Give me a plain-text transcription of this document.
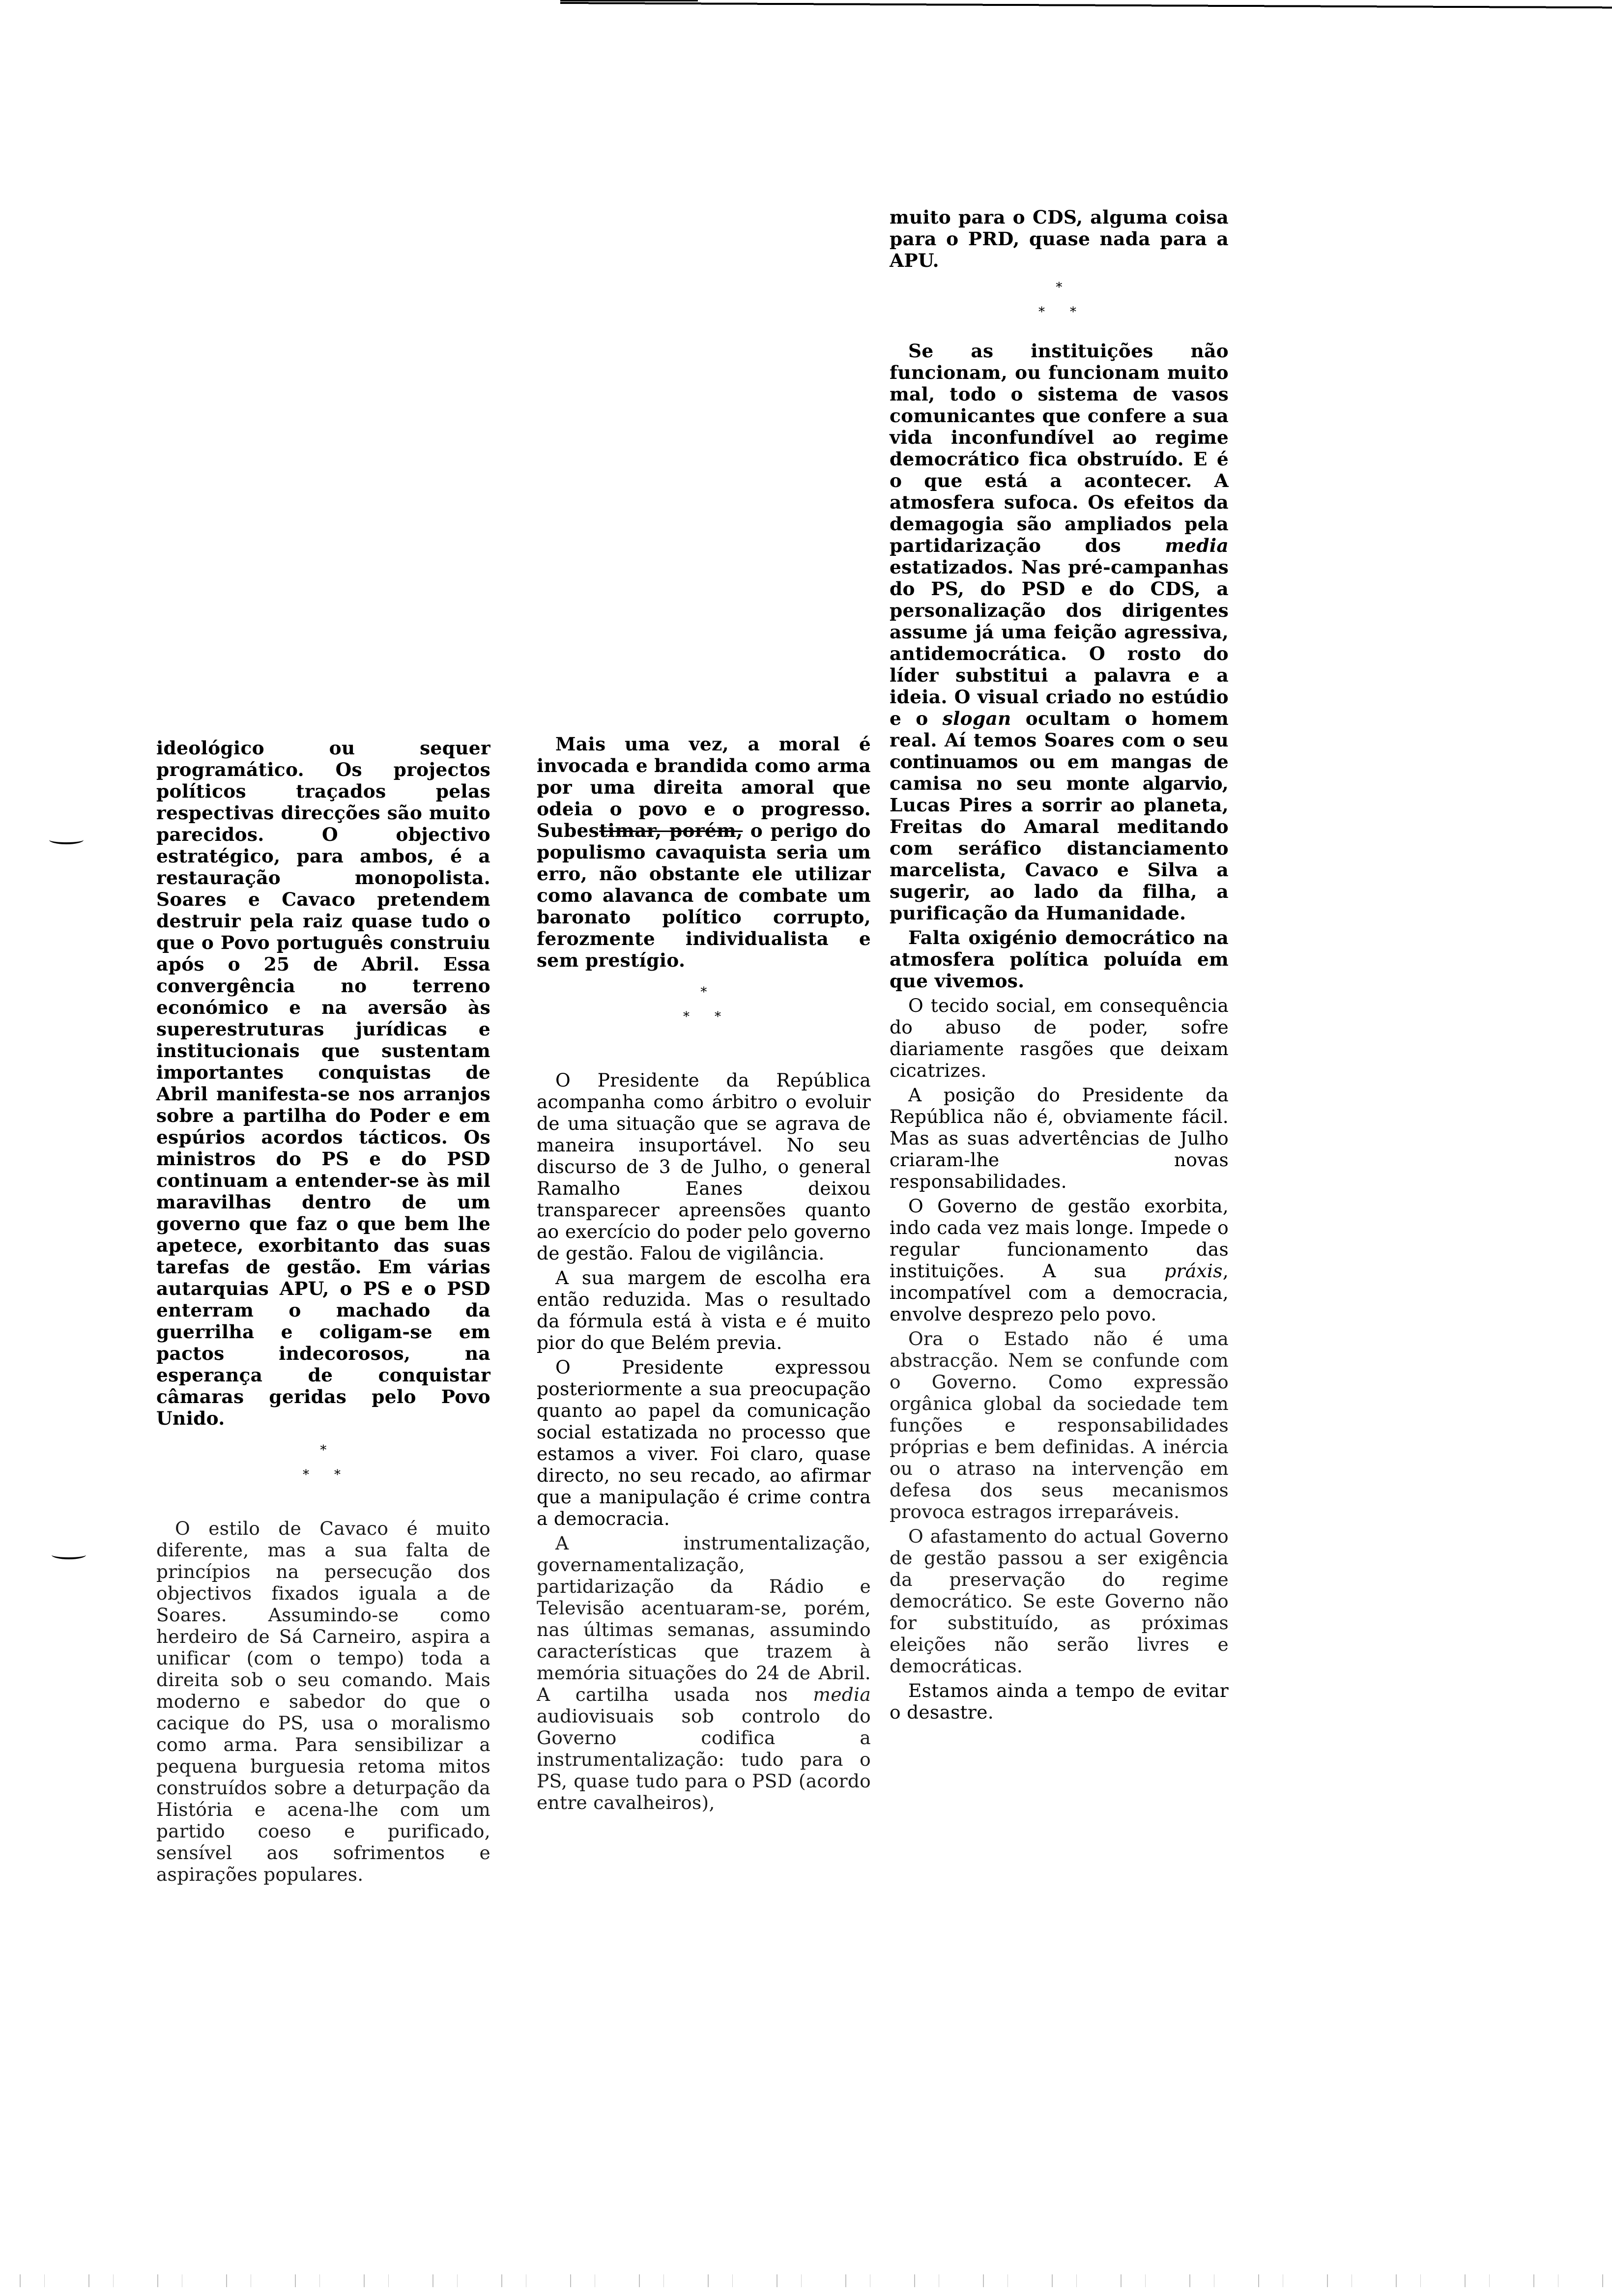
ideológico ou sequer programático. Os projectos políticos traçados pelas respectivas direcções são muito parecidos. O objectivo estratégico, para ambos, é a restauração monopolista. Soares e Cavaco pretendem destruir pela raiz quase tudo o que o Povo português construiu após o 25 de Abril. Essa convergência no terreno económico e na aversão às superestruturas jurídicas e institucionais que sustentam importantes conquistas de Abril manifesta-se nos arranjos sobre a partilha do Poder e em espúrios acordos tácticos. Os ministros do PS e do PSD continuam a entender-se às mil maravilhas dentro de um governo que faz o que bem lhe apetece, exorbitanto das suas tarefas de gestão. Em várias autarquias APU, o PS e o PSD enterram o machado da guerrilha e coligam-se em pactos indecorosos, na esperança de conquistar câmaras geridas pelo Povo Unido.

*
* *

O estilo de Cavaco é muito diferente, mas a sua falta de princípios na persecução dos objectivos fixados iguala a de Soares. Assumindo-se como herdeiro de Sá Carneiro, aspira a unificar (com o tempo) toda a direita sob o seu comando. Mais moderno e sabedor do que o cacique do PS, usa o moralismo como arma. Para sensibilizar a pequena burguesia retoma mitos construídos sobre a deturpação da História e acena-lhe com um partido coeso e purificado, sensível aos sofrimentos e aspirações populares.

Mais uma vez, a moral é invocada e brandida como arma por uma direita amoral que odeia o povo e o progresso. Subestimar, porém, o perigo do populismo cavaquista seria um erro, não obstante ele utilizar como alavanca de combate um baronato político corrupto, ferozmente individualista e sem prestígio.

*
* *

O Presidente da República acompanha como árbitro o evoluir de uma situação que se agrava de maneira insuportável. No seu discurso de 3 de Julho, o general Ramalho Eanes deixou transparecer apreensões quanto ao exercício do poder pelo governo de gestão. Falou de vigilância.

A sua margem de escolha era então reduzida. Mas o resultado da fórmula está à vista e é muito pior do que Belém previa.

O Presidente expressou posteriormente a sua preocupação quanto ao papel da comunicação social estatizada no processo que estamos a viver. Foi claro, quase directo, no seu recado, ao afirmar que a manipulação é crime contra a democracia.

A instrumentalização, governamentalização, partidarização da Rádio e Televisão acentuaram-se, porém, nas últimas semanas, assumindo características que trazem à memória situações do 24 de Abril. A cartilha usada nos media audiovisuais sob controlo do Governo codifica a instrumentalização: tudo para o PS, quase tudo para o PSD (acordo entre cavalheiros),

muito para o CDS, alguma coisa para o PRD, quase nada para a APU.

*
* *

Se as instituições não funcionam, ou funcionam muito mal, todo o sistema de vasos comunicantes que confere a sua vida inconfundível ao regime democrático fica obstruído. E é o que está a acontecer. A atmosfera sufoca. Os efeitos da demagogia são ampliados pela partidarização dos media estatizados. Nas pré-campanhas do PS, do PSD e do CDS, a personalização dos dirigentes assume já uma feição agressiva, antidemocrática. O rosto do líder substitui a palavra e a ideia. O visual criado no estúdio e o slogan ocultam o homem real. Aí temos Soares com o seu continuamos ou em mangas de camisa no seu monte algarvio, Lucas Pires a sorrir ao planeta, Freitas do Amaral meditando com seráfico distanciamento marcelista, Cavaco e Silva a sugerir, ao lado da filha, a purificação da Humanidade.

Falta oxigénio democrático na atmosfera política poluída em que vivemos.

O tecido social, em consequência do abuso de poder, sofre diariamente rasgões que deixam cicatrizes.

A posição do Presidente da República não é, obviamente fácil. Mas as suas advertências de Julho criaram-lhe novas responsabilidades.

O Governo de gestão exorbita, indo cada vez mais longe. Impede o regular funcionamento das instituições. A sua práxis, incompatível com a democracia, envolve desprezo pelo povo.

Ora o Estado não é uma abstracção. Nem se confunde com o Governo. Como expressão orgânica global da sociedade tem funções e responsabilidades próprias e bem definidas. A inércia ou o atraso na intervenção em defesa dos seus mecanismos provoca estragos irreparáveis.

O afastamento do actual Governo de gestão passou a ser exigência da preservação do regime democrático. Se este Governo não for substituído, as próximas eleições não serão livres e democráticas.

Estamos ainda a tempo de evitar o desastre.
